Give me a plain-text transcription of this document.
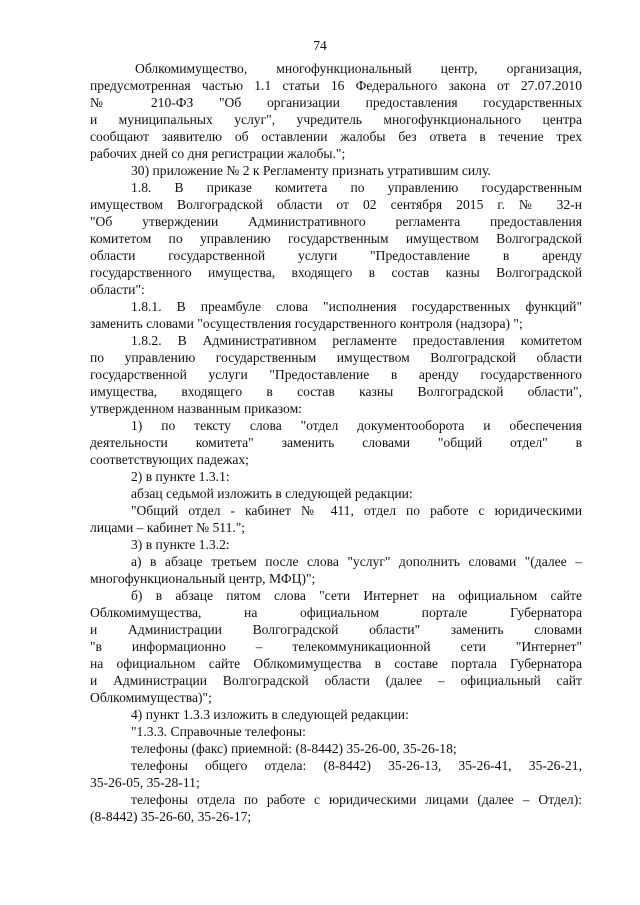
74
Облкомимущество, многофункциональный центр, организация,
предусмотренная частью 1.1 статьи 16 Федерального закона от 27.07.2010
№ 210-ФЗ "Об организации предоставления государственных
и муниципальных услуг", учредитель многофункционального центра
сообщают заявителю об оставлении жалобы без ответа в течение трех
рабочих дней со дня регистрации жалобы.";
30) приложение № 2 к Регламенту признать утратившим силу.
1.8. В приказе комитета по управлению государственным
имуществом Волгоградской области от 02 сентября 2015 г. № 32-н
"Об утверждении Административного регламента предоставления
комитетом по управлению государственным имуществом Волгоградской
области государственной услуги "Предоставление в аренду
государственного имущества, входящего в состав казны Волгоградской
области":
1.8.1. В преамбуле слова "исполнения государственных функций"
заменить словами "осуществления государственного контроля (надзора) ";
1.8.2. В Административном регламенте предоставления комитетом
по управлению государственным имуществом Волгоградской области
государственной услуги "Предоставление в аренду государственного
имущества, входящего в состав казны Волгоградской области",
утвержденном названным приказом:
1) по тексту слова "отдел документооборота и обеспечения
деятельности комитета" заменить словами "общий отдел" в
соответствующих падежах;
2) в пункте 1.3.1:
абзац седьмой изложить в следующей редакции:
"Общий отдел - кабинет № 411, отдел по работе с юридическими
лицами – кабинет № 511.";
3) в пункте 1.3.2:
а) в абзаце третьем после слова "услуг" дополнить словами "(далее –
многофункциональный центр, МФЦ)";
б) в абзаце пятом слова "сети Интернет на официальном сайте
Облкомимущества, на официальном портале Губернатора
и Администрации Волгоградской области" заменить словами
"в информационно – телекоммуникационной сети "Интернет"
на официальном сайте Облкомимущества в составе портала Губернатора
и Администрации Волгоградской области (далее – официальный сайт
Облкомимущества)";
4) пункт 1.3.3 изложить в следующей редакции:
"1.3.3. Справочные телефоны:
телефоны (факс) приемной: (8-8442) 35-26-00, 35-26-18;
телефоны общего отдела: (8-8442) 35-26-13, 35-26-41, 35-26-21,
35-26-05, 35-28-11;
телефоны отдела по работе с юридическими лицами (далее – Отдел):
(8-8442) 35-26-60, 35-26-17;
